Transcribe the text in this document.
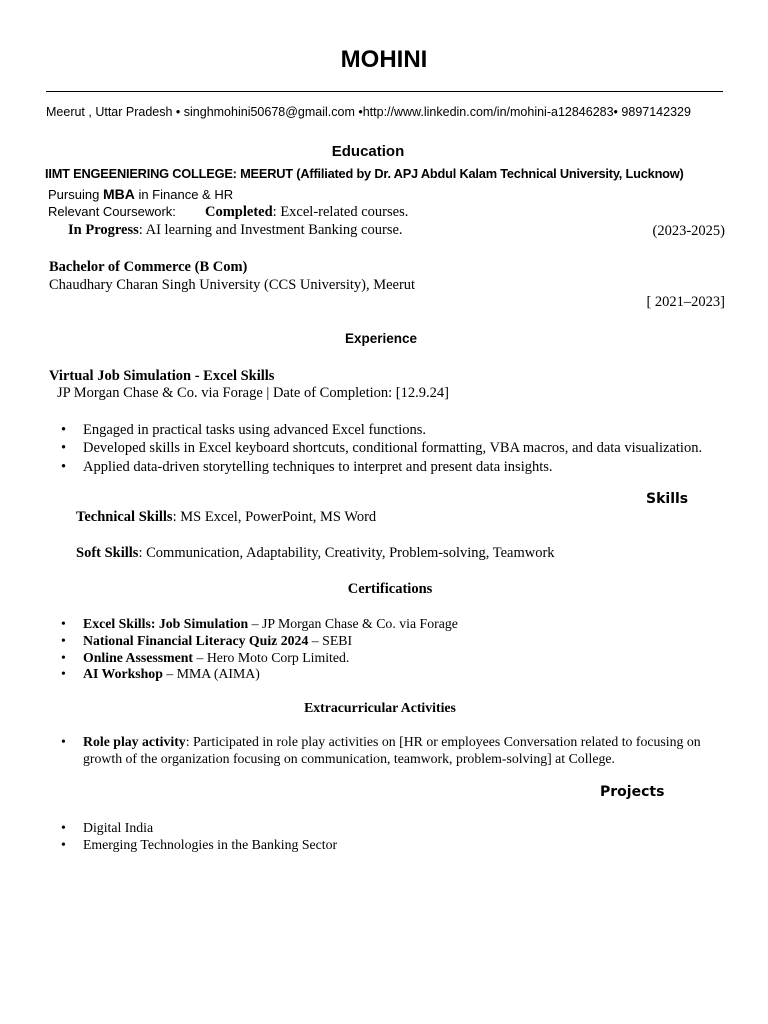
MOHINI
Meerut , Uttar Pradesh • singhmohini50678@gmail.com •http://www.linkedin.com/in/mohini-a12846283• 9897142329
Education
IIMT ENGEENIERING COLLEGE: MEERUT (Affiliated by Dr. APJ Abdul Kalam Technical University, Lucknow)
Pursuing MBA in Finance & HR
Relevant Coursework: Completed: Excel-related courses.
In Progress: AI learning and Investment Banking course.	(2023-2025)
Bachelor of Commerce (B Com)
Chaudhary Charan Singh University (CCS University), Meerut
[ 2021–2023]
Experience
Virtual Job Simulation - Excel Skills
JP Morgan Chase & Co. via Forage | Date of Completion: [12.9.24]
• Engaged in practical tasks using advanced Excel functions.
• Developed skills in Excel keyboard shortcuts, conditional formatting, VBA macros, and data visualization.
• Applied data-driven storytelling techniques to interpret and present data insights.
Skills
Technical Skills: MS Excel, PowerPoint, MS Word
Soft Skills: Communication, Adaptability, Creativity, Problem-solving, Teamwork
Certifications
• Excel Skills: Job Simulation – JP Morgan Chase & Co. via Forage
• National Financial Literacy Quiz 2024 – SEBI
• Online Assessment – Hero Moto Corp Limited.
• AI Workshop – MMA (AIMA)
Extracurricular Activities
• Role play activity: Participated in role play activities on [HR or employees Conversation related to focusing on growth of the organization focusing on communication, teamwork, problem-solving] at College.
Projects
• Digital India
• Emerging Technologies in the Banking Sector
